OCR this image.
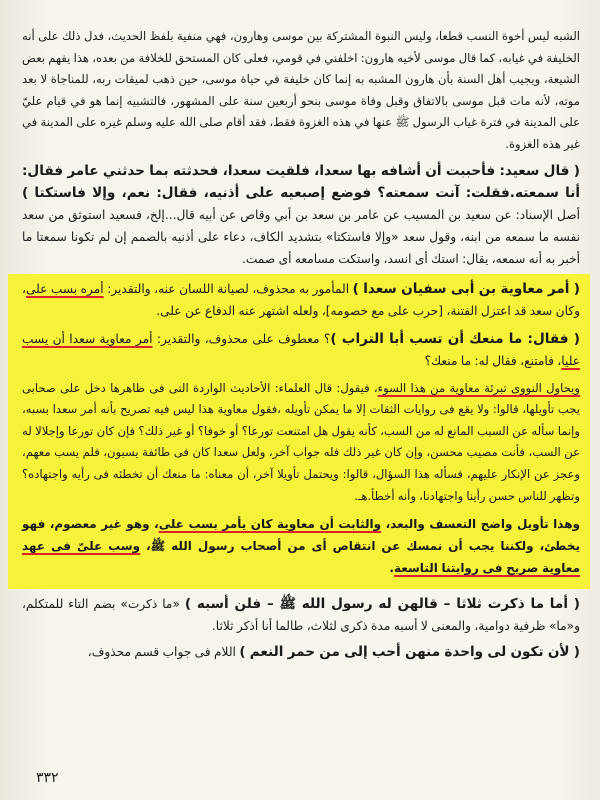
الشبه ليس أخوة النسب قطعا، وليس النبوة المشتركة بين موسى وهارون، فهي منفية بلفظ الحديث، فدل ذلك على أنه الخليفة في غيابه، كما قال موسى لأخيه هارون: اخلفني في قومي، فعلى كان المستحق للخلافة من بعده، هذا يفهم بعض الشيعة، ويجيب أهل السنة بأن هارون المشبه به إنما كان خليفة في حياة موسى، حين ذهب لميقات ربه، للمناجاة لا بعد موته، لأنه مات قبل موسى بالاتفاق وقبل وفاة موسى بنحو أربعين سنة على المشهور، فالتشبيه إنما هو في قيام عليّ على المدينة في فترة غياب الرسول ﷺ عنها في هذه الغزوة فقط، فقد أقام صلى الله عليه وسلم غيره على المدينة في غير هذه الغزوة.

( قال سعيد: فأحببت أن أشافه بها سعدا، فلقيت سعدا، فحدثته بما حدثني عامر فقال: أنا سمعته.فقلت: آنت سمعته؟ فوضع إصبعيه على أذنيه، فقال: نعم، وإلا فاستكتا ) أصل الإسناد: عن سعيد بن المسيب عن عامر بن سعد بن أبي وقاص عن أبيه قال...إلخ، فسعيد استوثق من سعد نفسه ما سمعه من ابنه، وقول سعد «وإلا فاستكتا» بتشديد الكاف، دعاء على أذنيه بالصمم إن لم تكونا سمعتا ما أخبر به أنه سمعه، يقال: استك أى انسد، واستكت مسامعه أى صمت.

( أمر معاوية بن أبى سفيان سعدا ) المأمور به محذوف، لصيانة اللسان عنه، والتقدير: أمره بسب على، وكان سعد قد اعتزل الفتنة، [حرب على مع خصومه]، ولعله اشتهر عنه الدفاع عن على.

( فقال: ما منعك أن تسب أبا التراب )؟ معطوف على محذوف، والتقدير: أمر معاوية سعدا أن يسب عليا، فامتنع، فقال له: ما منعك؟

ويحاول النووى تبرئة معاوية من هذا السوء، فيقول: قال العلماء: الأحاديث الواردة التى فى ظاهرها دخل على صحابى يجب تأويلها، قالوا: ولا يقع فى روايات الثقات إلا ما يمكن تأويله ،فقول معاوية هذا ليس فيه تصريح بأنه أمر سعدا بسبه، وإنما سأله عن السبب المانع له من السب، كأنه يقول هل امتنعت تورعا؟ أو خوفا؟ أو غير ذلك؟ فإن كان تورعا وإجلالا له عن السب، فأنت مصيب محسن، وإن كان غير ذلك فله جواب آخر، ولعل سعدا كان فى طائفة يسبون، فلم يسب معهم، وعجز عن الإنكار عليهم، فسأله هذا السؤال، قالوا: ويحتمل تأويلا آخر، أن معناه: ما منعك أن تخطئه فى رأيه واجتهاده؟ وتظهر للناس حسن رأينا واجتهادنا، وأنه أخطأ.هـ.

وهذا تأويل واضح التعسف والبعد، والثابت أن معاوية كان يأمر بسب على، وهو غير معصوم، فهو يخطئ، ولكننا يجب أن نمسك عن انتقاص أى من أصحاب رسول الله ﷺ، وسب علىّ فى عهد معاوية صريح فى روايتنا التاسعة.

( أما ما ذكرت ثلاثا – قالهن له رسول الله ﷺ – فلن أسبه ) «ما ذكرت» بضم التاء للمتكلم، و«ما» ظرفية دوامية، والمعنى لا أسبه مدة ذكرى لثلاث، طالما أنا أذكر ثلاثا.

( لأن تكون لى واحدة منهن أحب إلى من حمر النعم ) اللام فى جواب قسم محذوف،

٣٣٢
